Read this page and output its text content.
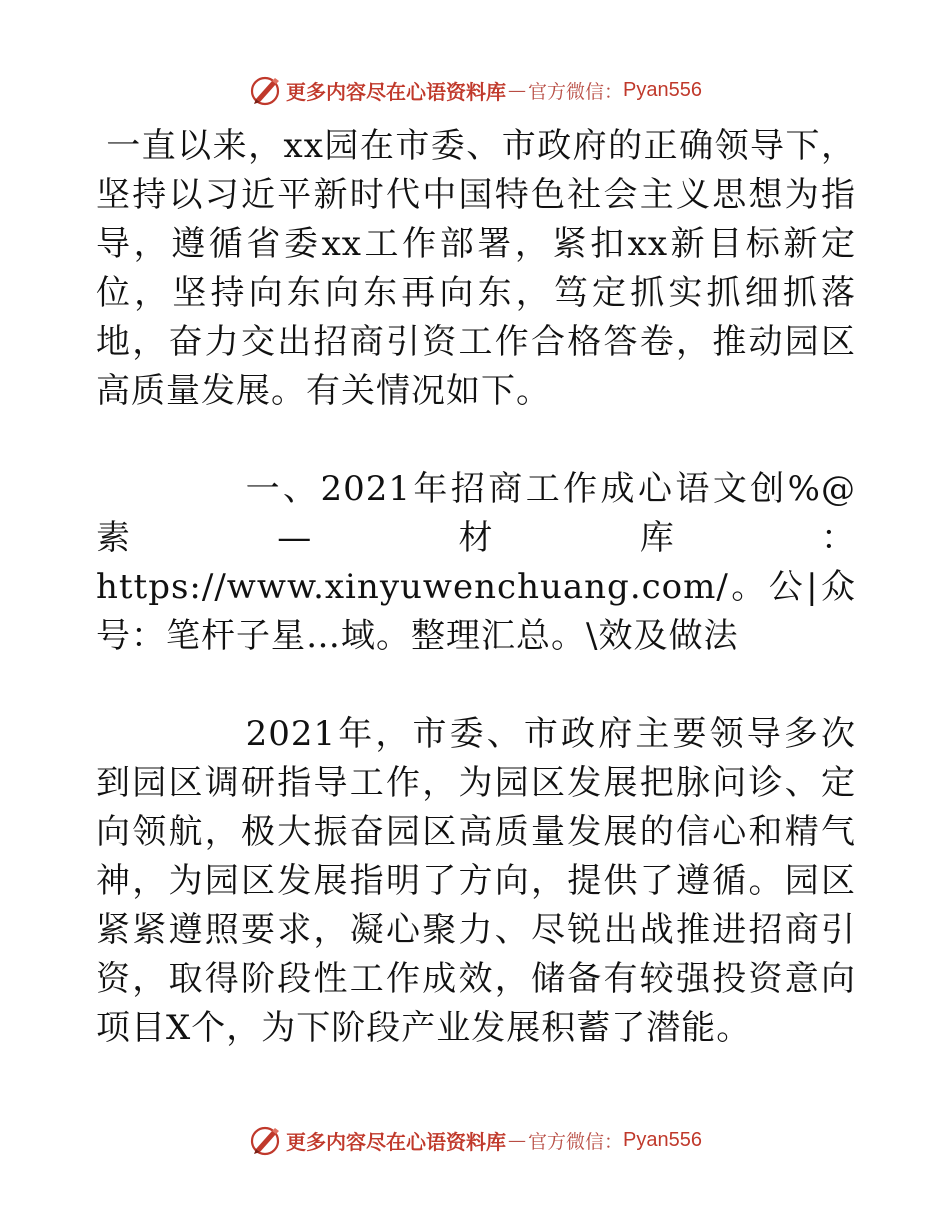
更多内容尽在心语资料库 — 官方微信： Pyan556

一直以来，xx园在市委、市政府的正确领导下，坚持以习近平新时代中国特色社会主义思想为指导，遵循省委xx工作部署，紧扣xx新目标新定位，坚持向东向东再向东，笃定抓实抓细抓落地，奋力交出招商引资工作合格答卷，推动园区高质量发展。有关情况如下。

一、2021年招商工作成心语文创%@素—材库：https://www.xinyuwenchuang.com/。公|众号：笔杆子星…域。整理汇总。\效及做法

2021年，市委、市政府主要领导多次到园区调研指导工作，为园区发展把脉问诊、定向领航，极大振奋园区高质量发展的信心和精气神，为园区发展指明了方向，提供了遵循。园区紧紧遵照要求，凝心聚力、尽锐出战推进招商引资，取得阶段性工作成效，储备有较强投资意向项目X个，为下阶段产业发展积蓄了潜能。

更多内容尽在心语资料库 — 官方微信： Pyan556
